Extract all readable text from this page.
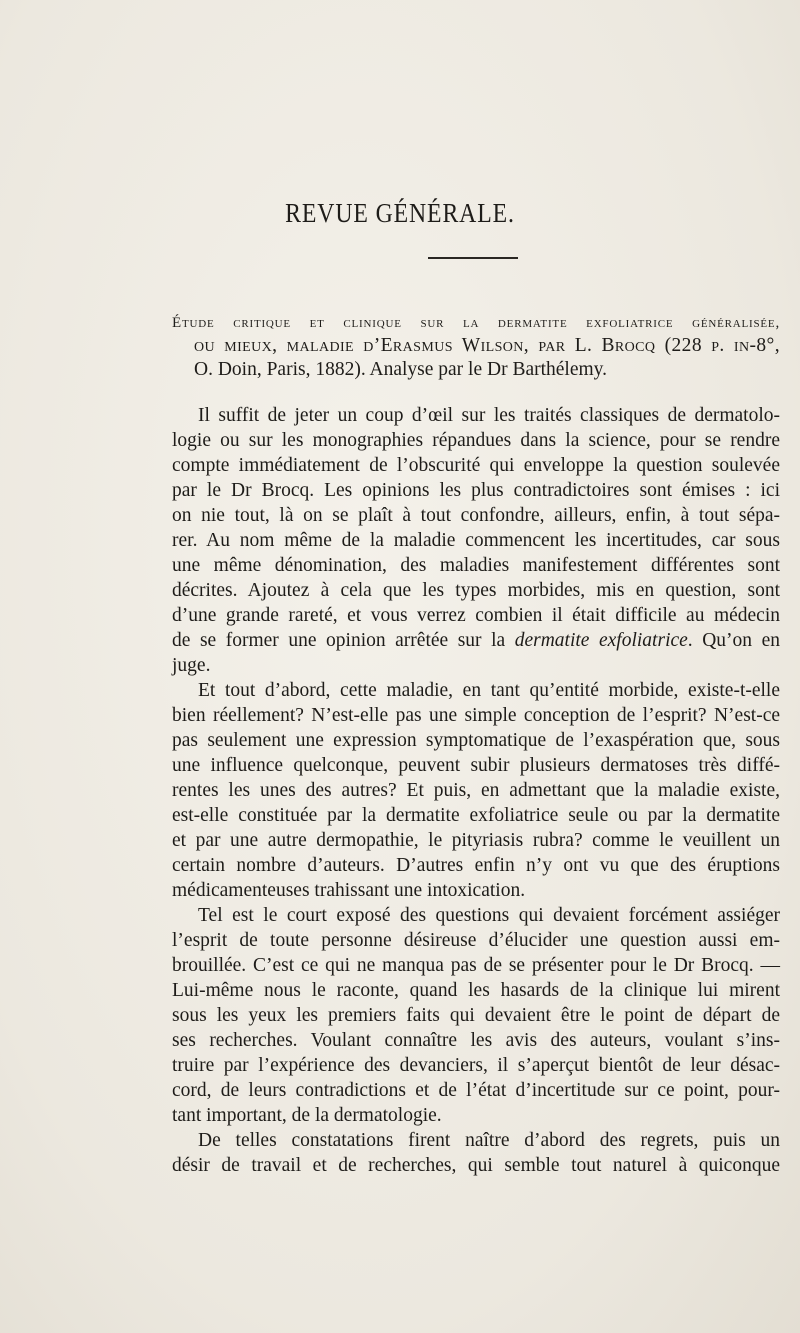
REVUE GÉNÉRALE.
Étude critique et clinique sur la dermatite exfoliatrice généralisée,
ou mieux, maladie d’Erasmus Wilson, par L. Brocq (228 p. in-8°,
O. Doin, Paris, 1882). Analyse par le Dr Barthélemy.
Il suffit de jeter un coup d’œil sur les traités classiques de dermatolo-
logie ou sur les monographies répandues dans la science, pour se rendre
compte immédiatement de l’obscurité qui enveloppe la question soulevée
par le Dr Brocq. Les opinions les plus contradictoires sont émises : ici
on nie tout, là on se plaît à tout confondre, ailleurs, enfin, à tout sépa-
rer. Au nom même de la maladie commencent les incertitudes, car sous
une même dénomination, des maladies manifestement différentes sont
décrites. Ajoutez à cela que les types morbides, mis en question, sont
d’une grande rareté, et vous verrez combien il était difficile au médecin
de se former une opinion arrêtée sur la dermatite exfoliatrice. Qu’on en
juge.
Et tout d’abord, cette maladie, en tant qu’entité morbide, existe-t-elle
bien réellement? N’est-elle pas une simple conception de l’esprit? N’est-ce
pas seulement une expression symptomatique de l’exaspération que, sous
une influence quelconque, peuvent subir plusieurs dermatoses très diffé-
rentes les unes des autres? Et puis, en admettant que la maladie existe,
est-elle constituée par la dermatite exfoliatrice seule ou par la dermatite
et par une autre dermopathie, le pityriasis rubra? comme le veuillent un
certain nombre d’auteurs. D’autres enfin n’y ont vu que des éruptions
médicamenteuses trahissant une intoxication.
Tel est le court exposé des questions qui devaient forcément assiéger
l’esprit de toute personne désireuse d’élucider une question aussi em-
brouillée. C’est ce qui ne manqua pas de se présenter pour le Dr Brocq. —
Lui-même nous le raconte, quand les hasards de la clinique lui mirent
sous les yeux les premiers faits qui devaient être le point de départ de
ses recherches. Voulant connaître les avis des auteurs, voulant s’ins-
truire par l’expérience des devanciers, il s’aperçut bientôt de leur désac-
cord, de leurs contradictions et de l’état d’incertitude sur ce point, pour-
tant important, de la dermatologie.
De telles constatations firent naître d’abord des regrets, puis un
désir de travail et de recherches, qui semble tout naturel à quiconque
